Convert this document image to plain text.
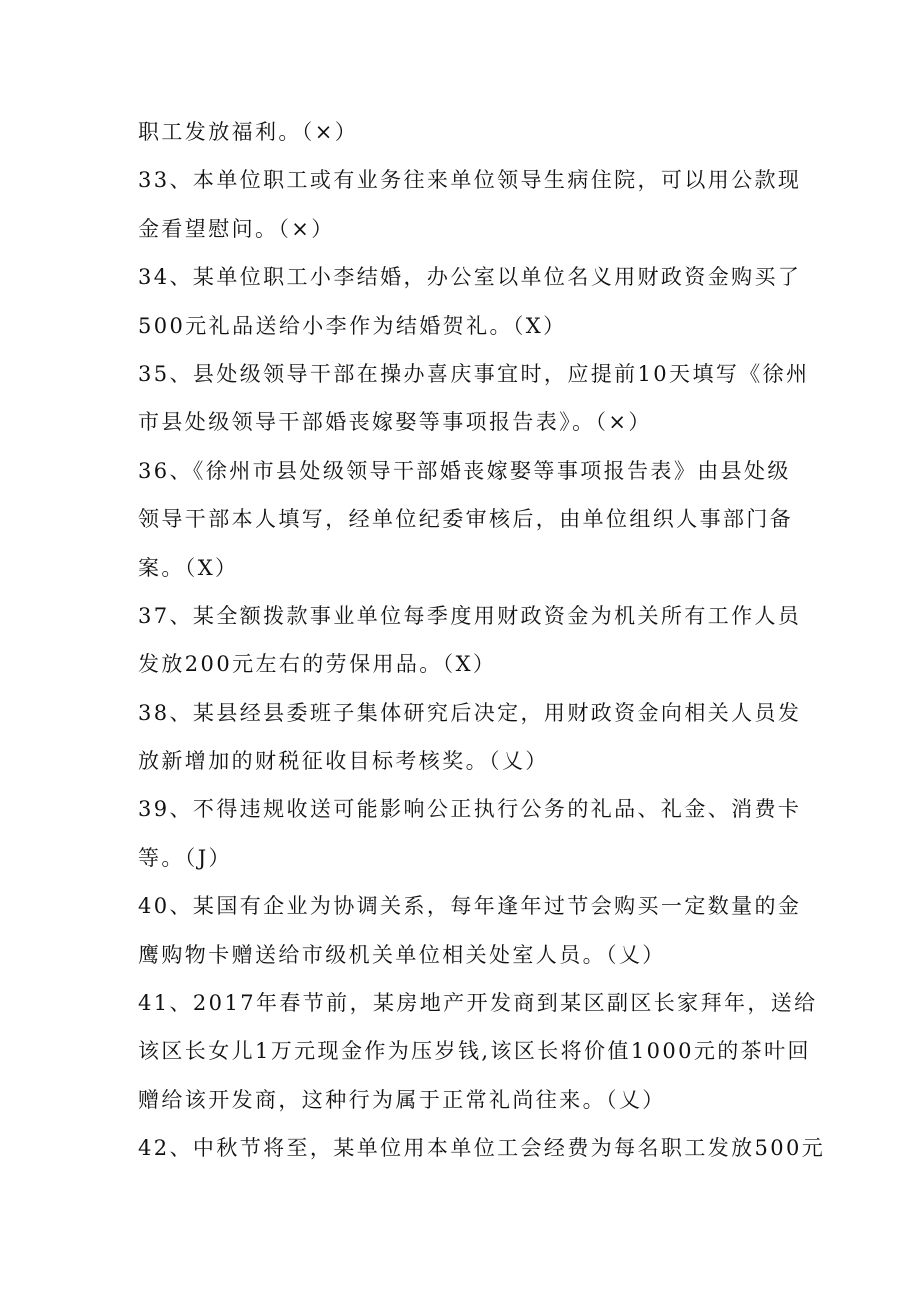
职工发放福利。（×）
33、本单位职工或有业务往来单位领导生病住院，可以用公款现
金看望慰问。（×）
34、某单位职工小李结婚，办公室以单位名义用财政资金购买了
500元礼品送给小李作为结婚贺礼。（X）
35、县处级领导干部在操办喜庆事宜时，应提前10天填写《徐州
市县处级领导干部婚丧嫁娶等事项报告表》。（×）
36、《徐州市县处级领导干部婚丧嫁娶等事项报告表》由县处级
领导干部本人填写，经单位纪委审核后，由单位组织人事部门备
案。（X）
37、某全额拨款事业单位每季度用财政资金为机关所有工作人员
发放200元左右的劳保用品。（X）
38、某县经县委班子集体研究后决定，用财政资金向相关人员发
放新增加的财税征收目标考核奖。（乂）
39、不得违规收送可能影响公正执行公务的礼品、礼金、消费卡
等。（J）
40、某国有企业为协调关系，每年逢年过节会购买一定数量的金
鹰购物卡赠送给市级机关单位相关处室人员。（乂）
41、2017年春节前，某房地产开发商到某区副区长家拜年，送给
该区长女儿1万元现金作为压岁钱,该区长将价值1000元的茶叶回
赠给该开发商，这种行为属于正常礼尚往来。（乂）
42、中秋节将至，某单位用本单位工会经费为每名职工发放500元
